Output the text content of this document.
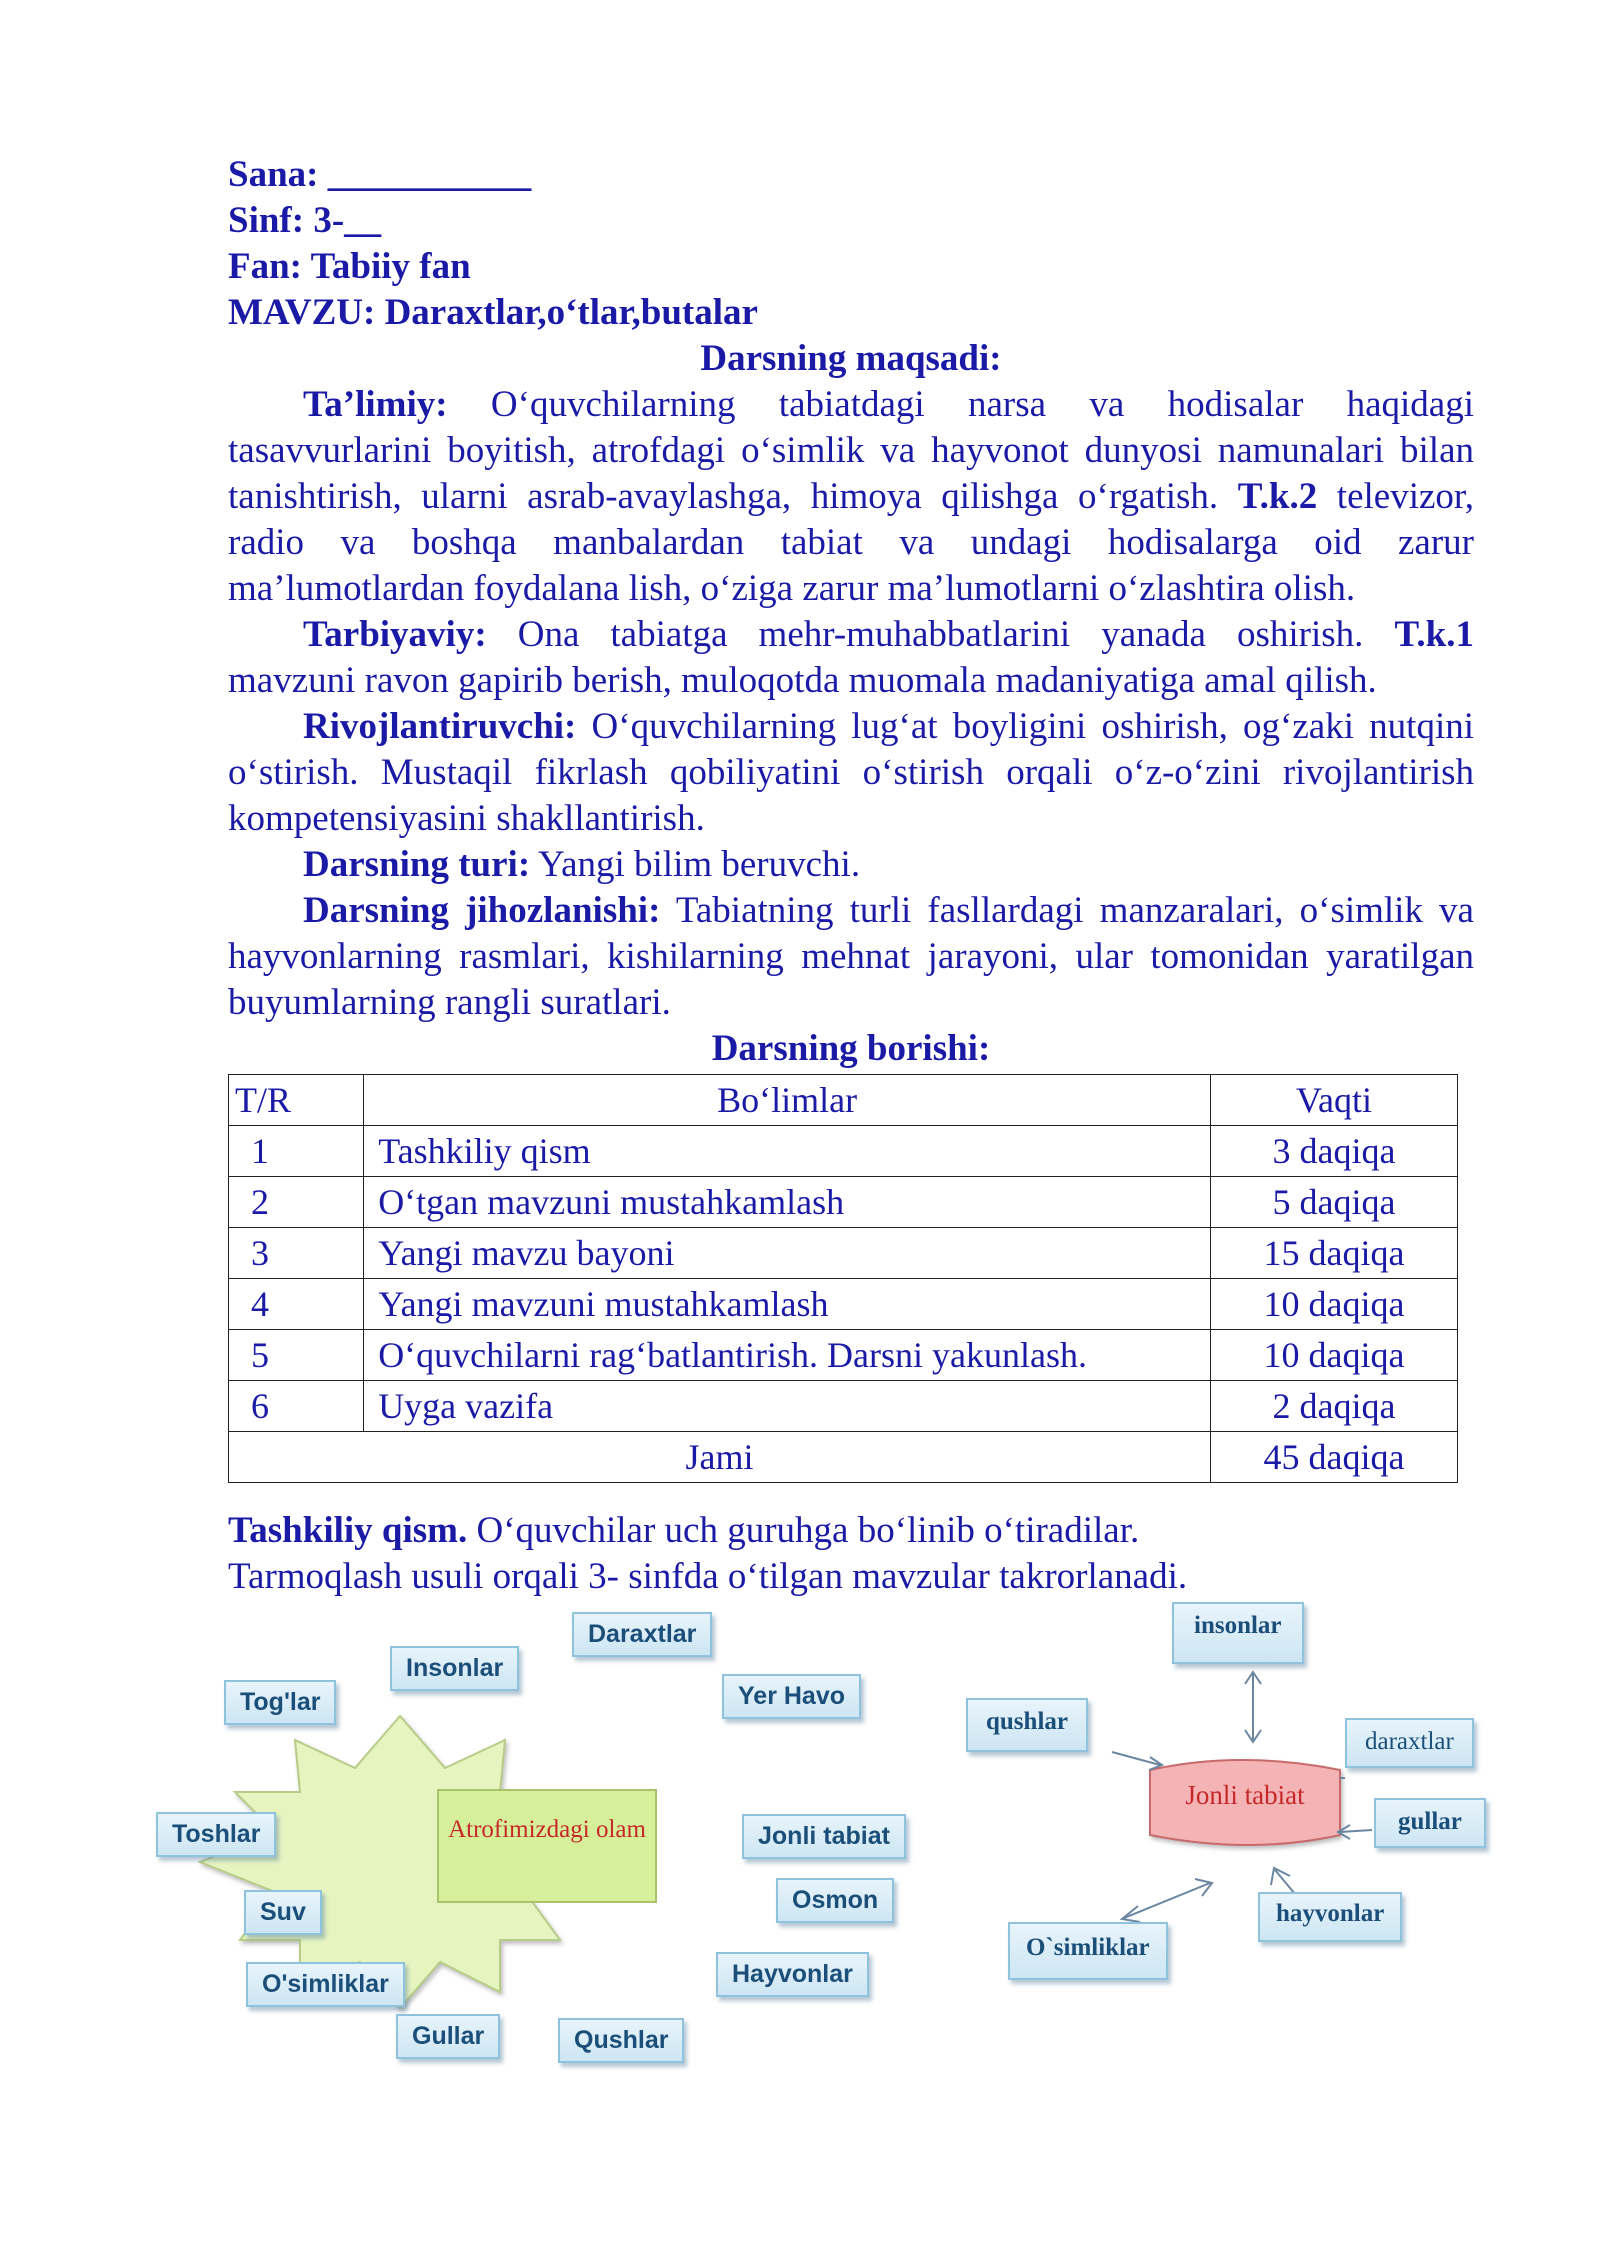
Sana: ___________
Sinf: 3-__
Fan: Tabiiy fan
MAVZU: Daraxtlar,o‘tlar,butalar
Darsning maqsadi:
Ta’limiy: O‘quvchilarning tabiatdagi narsa va hodisalar haqidagi tasavvurlarini boyitish, atrofdagi o‘simlik va hayvonot dunyosi namunalari bilan tanishtirish, ularni asrab-avaylashga, himoya qilishga o‘rgatish. T.k.2 televizor, radio va boshqa manbalardan tabiat va undagi hodisalarga oid zarur ma’lumotlardan foydalana lish, o‘ziga zarur ma’lumotlarni o‘zlashtira olish.
Tarbiyaviy: Ona tabiatga mehr-muhabbatlarini yanada oshirish. T.k.1 mavzuni ravon gapirib berish, muloqotda muomala madaniyatiga amal qilish.
Rivojlantiruvchi: O‘quvchilarning lug‘at boyligini oshirish, og‘zaki nutqini o‘stirish. Mustaqil fikrlash qobiliyatini o‘stirish orqali o‘z-o‘zini rivojlantirish kompetensiyasini shakllantirish.
Darsning turi: Yangi bilim beruvchi.
Darsning jihozlanishi: Tabiatning turli fasllardagi manzaralari, o‘simlik va hayvonlarning rasmlari, kishilarning mehnat jarayoni, ular tomonidan yaratilgan buyumlarning rangli suratlari.
Darsning borishi:
T/R	Bo‘limlar	Vaqti
1	Tashkiliy qism	3 daqiqa
2	O‘tgan mavzuni mustahkamlash	5 daqiqa
3	Yangi mavzu bayoni	15 daqiqa
4	Yangi mavzuni mustahkamlash	10 daqiqa
5	O‘quvchilarni rag‘batlantirish. Darsni yakunlash.	10 daqiqa
6	Uyga vazifa	2 daqiqa
Jami		45 daqiqa
Tashkiliy qism. O‘quvchilar uch guruhga bo‘linib o‘tiradilar.
Tarmoqlash usuli orqali 3- sinfda o‘tilgan mavzular takrorlanadi.
Atrofimizdagi olam
Daraxtlar
Insonlar
Tog'lar	Yer Havo
Toshlar	Jonli tabiat
Osmon
Suv
Hayvonlar
O'simliklar
Gullar	Qushlar
Jonli tabiat
insonlar
qushlar
daraxtlar
gullar
hayvonlar
O`simliklar
